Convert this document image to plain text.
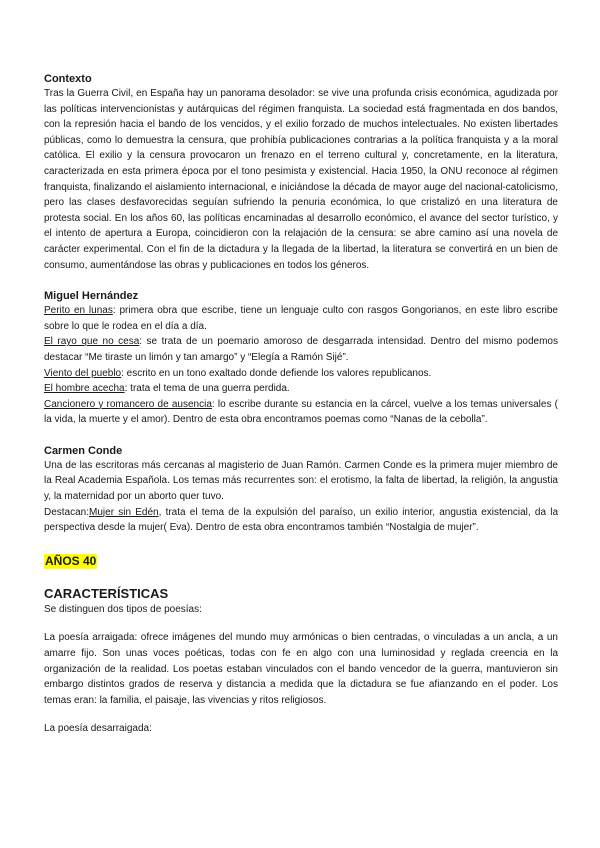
Contexto

Tras la Guerra Civil, en España hay un panorama desolador: se vive una profunda crisis económica, agudizada por las políticas intervencionistas y autárquicas del régimen franquista. La sociedad está fragmentada en dos bandos, con la represión hacia el bando de los vencidos, y el exilio forzado de muchos intelectuales. No existen libertades públicas, como lo demuestra la censura, que prohibía publicaciones contrarias a la política franquista y a la moral católica. El exilio y la censura provocaron un frenazo en el terreno cultural y, concretamente, en la literatura, caracterizada en esta primera época por el tono pesimista y existencial. Hacia 1950, la ONU reconoce al régimen franquista, finalizando el aislamiento internacional, e iniciándose la década de mayor auge del nacional-catolicismo, pero las clases desfavorecidas seguían sufriendo la penuria económica, lo que cristalizó en una literatura de protesta social. En los años 60, las políticas encaminadas al desarrollo económico, el avance del sector turístico, y el intento de apertura a Europa, coincidieron con la relajación de la censura: se abre camino así una novela de carácter experimental. Con el fin de la dictadura y la llegada de la libertad, la literatura se convertirá en un bien de consumo, aumentándose las obras y publicaciones en todos los géneros.

Miguel Hernández

Perito en lunas: primera obra que escribe, tiene un lenguaje culto con rasgos Gongorianos, en este libro escribe sobre lo que le rodea en el día a día.

El rayo que no cesa: se trata de un poemario amoroso de desgarrada intensidad. Dentro del mismo podemos destacar “Me tiraste un limón y tan amargo” y “Elegía a Ramón Sijé”.

Viento del pueblo: escrito en un tono exaltado donde defiende los valores republicanos.

El hombre acecha: trata el tema de una guerra perdida.

Cancionero y romancero de ausencia: lo escribe durante su estancia en la cárcel, vuelve a los temas universales ( la vida, la muerte y el amor). Dentro de esta obra encontramos poemas como “Nanas de la cebolla”.

Carmen Conde

Una de las escritoras más cercanas al magisterio de Juan Ramón. Carmen Conde es la primera mujer miembro de la Real Academia Española. Los temas más recurrentes son: el erotismo, la falta de libertad, la religión, la angustia y, la maternidad por un aborto quer tuvo.

Destacan:Mujer sin Edén, trata el tema de la expulsión del paraíso, un exilio interior, angustia existencial, da la perspectiva desde la mujer( Eva). Dentro de esta obra encontramos también “Nostalgia de mujer”.

AÑOS 40
CARACTERÍSTICAS

Se distinguen dos tipos de poesías:

La poesía arraigada: ofrece imágenes del mundo muy armónicas o bien centradas, o vinculadas a un ancla, a un amarre fijo. Son unas voces poéticas, todas con fe en algo con una luminosidad y reglada creencia en la organización de la realidad. Los poetas estaban vinculados con el bando vencedor de la guerra, mantuvieron sin embargo distintos grados de reserva y distancia a medida que la dictadura se fue afianzando en el poder. Los temas eran: la familia, el paisaje, las vivencias y ritos religiosos.

La poesía desarraigada:
